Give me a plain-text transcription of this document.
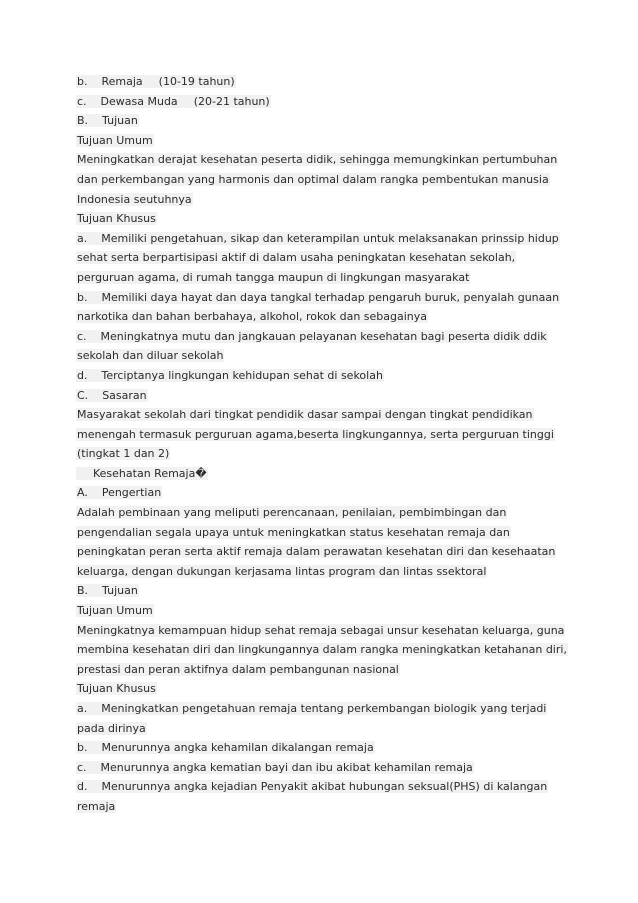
b. Remaja (10-19 tahun)
c. Dewasa Muda (20-21 tahun)
B. Tujuan
Tujuan Umum
Meningkatkan derajat kesehatan peserta didik, sehingga memungkinkan pertumbuhan
dan perkembangan yang harmonis dan optimal dalam rangka pembentukan manusia
Indonesia seutuhnya
Tujuan Khusus
a. Memiliki pengetahuan, sikap dan keterampilan untuk melaksanakan prinssip hidup
sehat serta berpartisipasi aktif di dalam usaha peningkatan kesehatan sekolah,
perguruan agama, di rumah tangga maupun di lingkungan masyarakat
b. Memiliki daya hayat dan daya tangkal terhadap pengaruh buruk, penyalah gunaan
narkotika dan bahan berbahaya, alkohol, rokok dan sebagainya
c. Meningkatnya mutu dan jangkauan pelayanan kesehatan bagi peserta didik ddik
sekolah dan diluar sekolah
d. Terciptanya lingkungan kehidupan sehat di sekolah
C. Sasaran
Masyarakat sekolah dari tingkat pendidik dasar sampai dengan tingkat pendidikan
menengah termasuk perguruan agama,beserta lingkungannya, serta perguruan tinggi
(tingkat 1 dan 2)
Kesehatan Remaja�
A. Pengertian
Adalah pembinaan yang meliputi perencanaan, penilaian, pembimbingan dan
pengendalian segala upaya untuk meningkatkan status kesehatan remaja dan
peningkatan peran serta aktif remaja dalam perawatan kesehatan diri dan kesehaatan
keluarga, dengan dukungan kerjasama lintas program dan lintas ssektoral
B. Tujuan
Tujuan Umum
Meningkatnya kemampuan hidup sehat remaja sebagai unsur kesehatan keluarga, guna
membina kesehatan diri dan lingkungannya dalam rangka meningkatkan ketahanan diri,
prestasi dan peran aktifnya dalam pembangunan nasional
Tujuan Khusus
a. Meningkatkan pengetahuan remaja tentang perkembangan biologik yang terjadi
pada dirinya
b. Menurunnya angka kehamilan dikalangan remaja
c. Menurunnya angka kematian bayi dan ibu akibat kehamilan remaja
d. Menurunnya angka kejadian Penyakit akibat hubungan seksual(PHS) di kalangan
remaja
